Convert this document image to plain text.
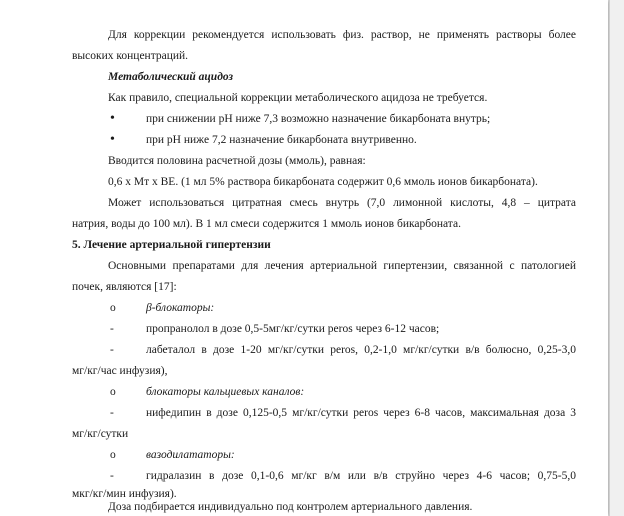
Для коррекции рекомендуется использовать физ. раствор, не применять растворы более
высоких концентраций.
Метаболический ацидоз
Как правило, специальной коррекции метаболического ацидоза не требуется.
•	при снижении рН ниже 7,3 возможно назначение бикарбоната внутрь;
•	при рН ниже 7,2 назначение бикарбоната внутривенно.
Вводится половина расчетной дозы (ммоль), равная:
0,6 х Мт х ВЕ. (1 мл 5% раствора бикарбоната содержит 0,6 ммоль ионов бикарбоната).
Может использоваться цитратная смесь внутрь (7,0 лимонной кислоты, 4,8 – цитрата
натрия, воды до 100 мл). В 1 мл смеси содержится 1 ммоль ионов бикарбоната.
5. Лечение артериальной гипертензии
Основными препаратами для лечения артериальной гипертензии, связанной с патологией
почек, являются [17]:
o	β-блокаторы:
-	пропранолол в дозе 0,5-5мг/кг/сутки peros через 6-12 часов;
-	лабеталол в дозе 1-20 мг/кг/сутки peros, 0,2-1,0 мг/кг/сутки в/в болюсно, 0,25-3,0
мг/кг/час инфузия),
o	блокаторы кальциевых каналов:
-	нифедипин в дозе 0,125-0,5 мг/кг/сутки peros через 6-8 часов, максимальная доза 3
мг/кг/сутки
o	вазодилататоры:
-	гидралазин в дозе 0,1-0,6 мг/кг в/м или в/в струйно через 4-6 часов; 0,75-5,0
мкг/кг/мин инфузия).
Доза подбирается индивидуально под контролем артериального давления.
